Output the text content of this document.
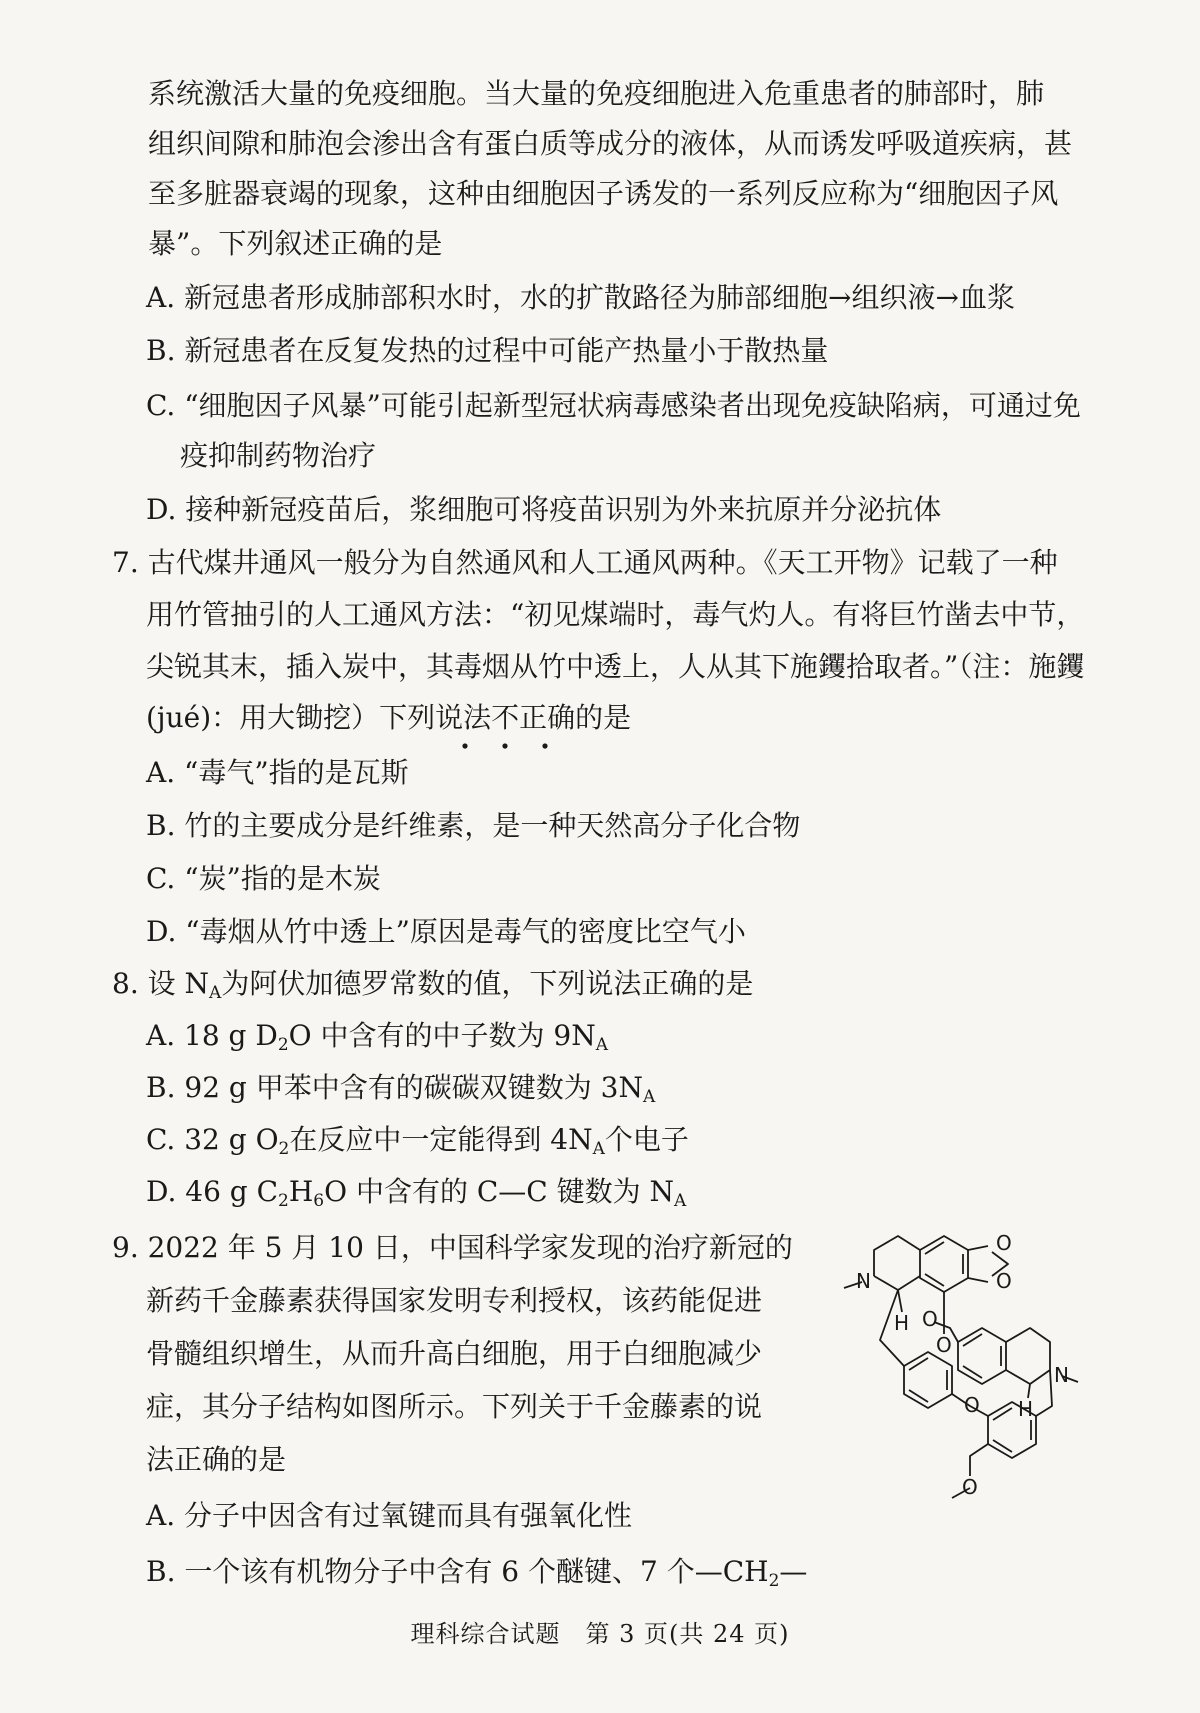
系统激活大量的免疫细胞。当大量的免疫细胞进入危重患者的肺部时，肺
组织间隙和肺泡会渗出含有蛋白质等成分的液体，从而诱发呼吸道疾病，甚
至多脏器衰竭的现象，这种由细胞因子诱发的一系列反应称为“细胞因子风
暴”。下列叙述正确的是
A. 新冠患者形成肺部积水时，水的扩散路径为肺部细胞→组织液→血浆
B. 新冠患者在反复发热的过程中可能产热量小于散热量
C. “细胞因子风暴”可能引起新型冠状病毒感染者出现免疫缺陷病，可通过免
疫抑制药物治疗
D. 接种新冠疫苗后，浆细胞可将疫苗识别为外来抗原并分泌抗体
7. 古代煤井通风一般分为自然通风和人工通风两种。《天工开物》记载了一种
用竹管抽引的人工通风方法：“初见煤端时，毒气灼人。有将巨竹凿去中节，
尖锐其末，插入炭中，其毒烟从竹中透上，人从其下施钁拾取者。”（注：施钁
(jué)：用大锄挖）下列说法不正确的是
A. “毒气”指的是瓦斯
B. 竹的主要成分是纤维素，是一种天然高分子化合物
C. “炭”指的是木炭
D. “毒烟从竹中透上”原因是毒气的密度比空气小
8. 设 $N_A$为阿伏加德罗常数的值，下列说法正确的是
A. 18 g $D_2O$ 中含有的中子数为 $9N_A$
B. 92 g 甲苯中含有的碳碳双键数为 $3N_A$
C. 32 g $O_2$在反应中一定能得到 $4N_A$个电子
D. 46 g $C_2H_6O$ 中含有的 C—C 键数为 $N_A$
9. 2022 年 5 月 10 日，中国科学家发现的治疗新冠的
新药千金藤素获得国家发明专利授权，该药能促进
骨髓组织增生，从而升高白细胞，用于白细胞减少
症，其分子结构如图所示。下列关于千金藤素的说
法正确的是
A. 分子中因含有过氧键而具有强氧化性
B. 一个该有机物分子中含有 6 个醚键、7 个$—CH_2—$
O
O
N
H
O
O
N
H
O
O
理科综合试题　第 3 页(共 24 页)
